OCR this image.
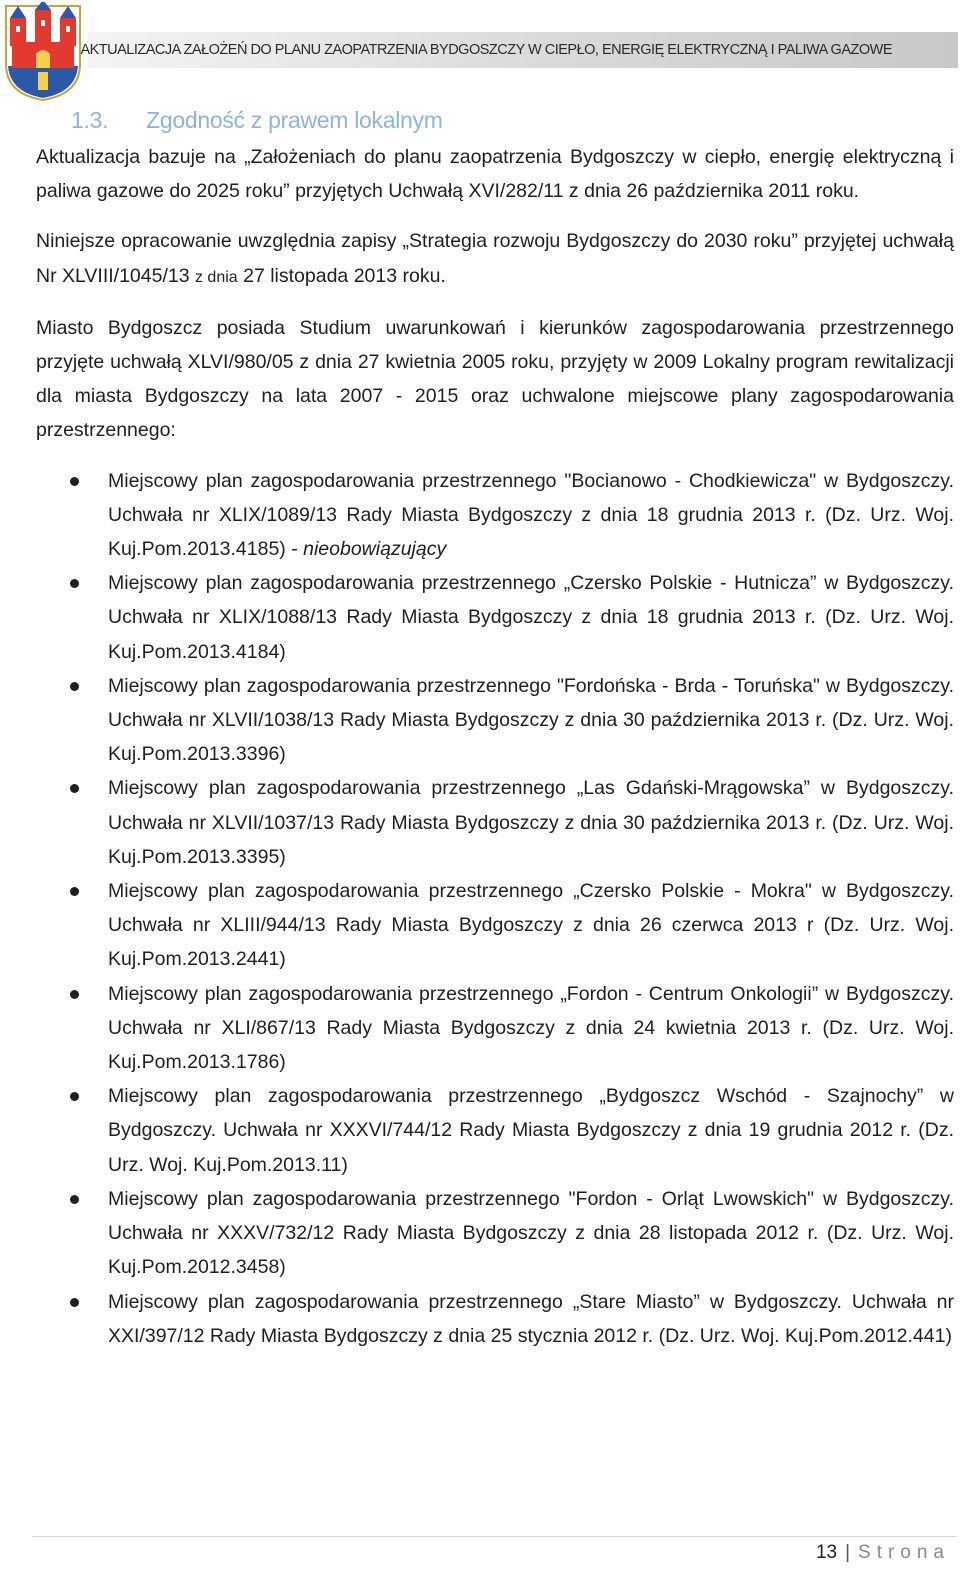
AKTUALIZACJA ZAŁOŻEŃ DO PLANU ZAOPATRZENIA BYDGOSZCZY W CIEPŁO, ENERGIĘ ELEKTRYCZNĄ I PALIWA GAZOWE
1.3. Zgodność z prawem lokalnym

Aktualizacja bazuje na „Założeniach do planu zaopatrzenia Bydgoszczy w ciepło, energię elektryczną i paliwa gazowe do 2025 roku” przyjętych Uchwałą XVI/282/11 z dnia 26 października 2011 roku.

Niniejsze opracowanie uwzględnia zapisy „Strategia rozwoju Bydgoszczy do 2030 roku” przyjętej uchwałą Nr XLVIII/1045/13 z dnia 27 listopada 2013 roku.

Miasto Bydgoszcz posiada Studium uwarunkowań i kierunków zagospodarowania przestrzennego przyjęte uchwałą XLVI/980/05 z dnia 27 kwietnia 2005 roku, przyjęty w 2009 Lokalny program rewitalizacji dla miasta Bydgoszczy na lata 2007 - 2015 oraz uchwalone miejscowe plany zagospodarowania przestrzennego:

Miejscowy plan zagospodarowania przestrzennego "Bocianowo - Chodkiewicza" w Bydgoszczy. Uchwała nr XLIX/1089/13 Rady Miasta Bydgoszczy z dnia 18 grudnia 2013 r. (Dz. Urz. Woj. Kuj.Pom.2013.4185) - nieobowiązujący
Miejscowy plan zagospodarowania przestrzennego „Czersko Polskie - Hutnicza” w Bydgoszczy. Uchwała nr XLIX/1088/13 Rady Miasta Bydgoszczy z dnia 18 grudnia 2013 r. (Dz. Urz. Woj. Kuj.Pom.2013.4184)
Miejscowy plan zagospodarowania przestrzennego "Fordońska - Brda - Toruńska" w Bydgoszczy. Uchwała nr XLVII/1038/13 Rady Miasta Bydgoszczy z dnia 30 października 2013 r. (Dz. Urz. Woj. Kuj.Pom.2013.3396)
Miejscowy plan zagospodarowania przestrzennego „Las Gdański-Mrągowska” w Bydgoszczy. Uchwała nr XLVII/1037/13 Rady Miasta Bydgoszczy z dnia 30 października 2013 r. (Dz. Urz. Woj. Kuj.Pom.2013.3395)
Miejscowy plan zagospodarowania przestrzennego „Czersko Polskie - Mokra" w Bydgoszczy. Uchwała nr XLIII/944/13 Rady Miasta Bydgoszczy z dnia 26 czerwca 2013 r (Dz. Urz. Woj. Kuj.Pom.2013.2441)
Miejscowy plan zagospodarowania przestrzennego „Fordon - Centrum Onkologii” w Bydgoszczy. Uchwała nr XLI/867/13 Rady Miasta Bydgoszczy z dnia 24 kwietnia 2013 r. (Dz. Urz. Woj. Kuj.Pom.2013.1786)
Miejscowy plan zagospodarowania przestrzennego „Bydgoszcz Wschód - Szajnochy” w Bydgoszczy. Uchwała nr XXXVI/744/12 Rady Miasta Bydgoszczy z dnia 19 grudnia 2012 r. (Dz. Urz. Woj. Kuj.Pom.2013.11)
Miejscowy plan zagospodarowania przestrzennego "Fordon - Orląt Lwowskich" w Bydgoszczy. Uchwała nr XXXV/732/12 Rady Miasta Bydgoszczy z dnia 28 listopada 2012 r. (Dz. Urz. Woj. Kuj.Pom.2012.3458)
Miejscowy plan zagospodarowania przestrzennego „Stare Miasto” w Bydgoszczy. Uchwała nr XXI/397/12 Rady Miasta Bydgoszczy z dnia 25 stycznia 2012 r. (Dz. Urz. Woj. Kuj.Pom.2012.441)
13 | Strona
